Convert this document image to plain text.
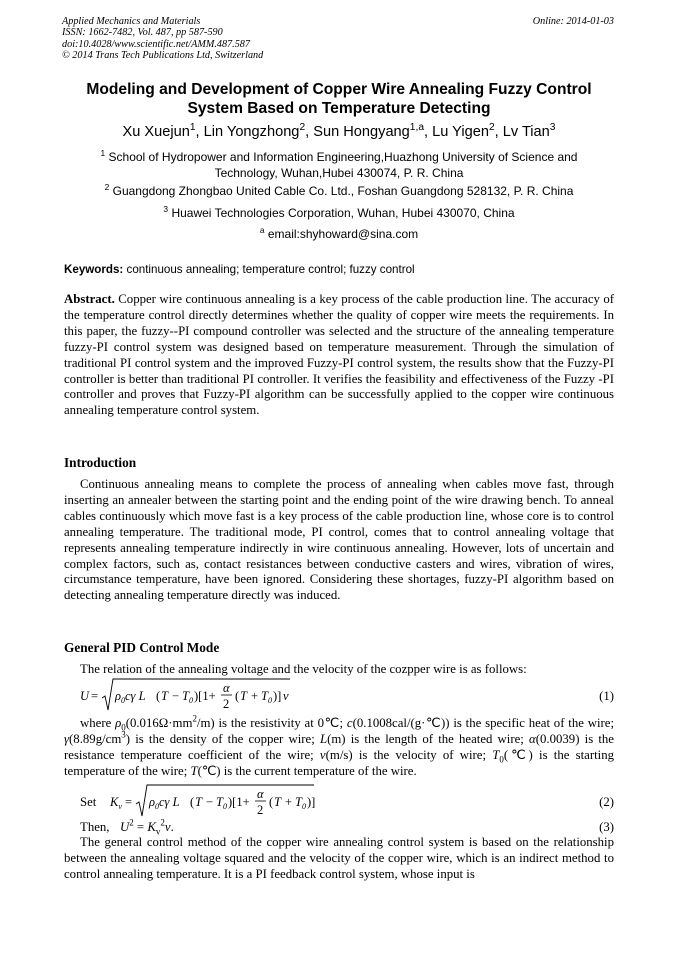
Applied Mechanics and Materials
ISSN: 1662-7482, Vol. 487, pp 587-590
doi:10.4028/www.scientific.net/AMM.487.587
© 2014 Trans Tech Publications Ltd, Switzerland
Online: 2014-01-03
Modeling and Development of Copper Wire Annealing Fuzzy Control
System Based on Temperature Detecting
Xu Xuejun$^1$, Lin Yongzhong$^2$, Sun Hongyang$^{1,a}$, Lu Yigen$^2$, Lv Tian$^3$
$^1$ School of Hydropower and Information Engineering,Huazhong University of Science and
Technology, Wuhan,Hubei 430074, P. R. China
$^2$ Guangdong Zhongbao United Cable Co. Ltd., Foshan Guangdong 528132, P. R. China
$^3$ Huawei Technologies Corporation, Wuhan, Hubei 430070, China
$^a$ email:shyhoward@sina.com
Keywords: continuous annealing; temperature control; fuzzy control
Abstract. Copper wire continuous annealing is a key process of the cable production line. The accuracy of the temperature control directly determines whether the quality of copper wire meets the requirements. In this paper, the fuzzy--PI compound controller was selected and the structure of the annealing temperature fuzzy-PI control system was designed based on temperature measurement. Through the simulation of traditional PI control system and the improved Fuzzy-PI control system, the results show that the Fuzzy-PI controller is better than traditional PI controller. It verifies the feasibility and effectiveness of the Fuzzy -PI controller and proves that Fuzzy-PI algorithm can be successfully applied to the copper wire continuous annealing temperature control system.
Introduction
Continuous annealing means to complete the process of annealing when cables move fast, through inserting an annealer between the starting point and the ending point of the wire drawing bench. To anneal cables continuously which move fast is a key process of the cable production line, whose core is to control annealing temperature. The traditional mode, PI control, comes that to control annealing voltage that represents annealing temperature indirectly in wire continuous annealing. However, lots of uncertain and complex factors, such as, contact resistances between conductive casters and wires, vibration of wires, circumstance temperature, have been ignored. Considering these shortages, fuzzy-PI algorithm based on detecting annealing temperature directly was induced.
General PID Control Mode
The relation of the annealing voltage and the velocity of the cozpper wire is as follows:
$U = \rho_0c\gamma$ L ( $T - T_0$ )[1+
α
2
( $T + T_0$ )] v	(1)
where $\rho_0(0.016\Omega\cdot mm^2/m)$ is the resistivity at 0℃; c(0.1008cal/(g·℃)) is the specific heat of the wire; $\gamma(8.89g/cm^3)$ is the density of the copper wire; L(m) is the length of the heated wire; α(0.0039) is the resistance temperature coefficient of the wire; v(m/s) is the velocity of wire; $T_0(℃)$ is the starting temperature of the wire; T(℃) is the current temperature of the wire.
Set $K_v = \rho_0c\gamma$ L ( $T - T_0$ )[1+
α
2
( $T + T_0$ )]	(2)
Then, $U^2 = K_v^2v$.	(3)
The general control method of the copper wire annealing control system is based on the relationship between the annealing voltage squared and the velocity of the copper wire, which is an indirect method to control annealing temperature. It is a PI feedback control system, whose input is
